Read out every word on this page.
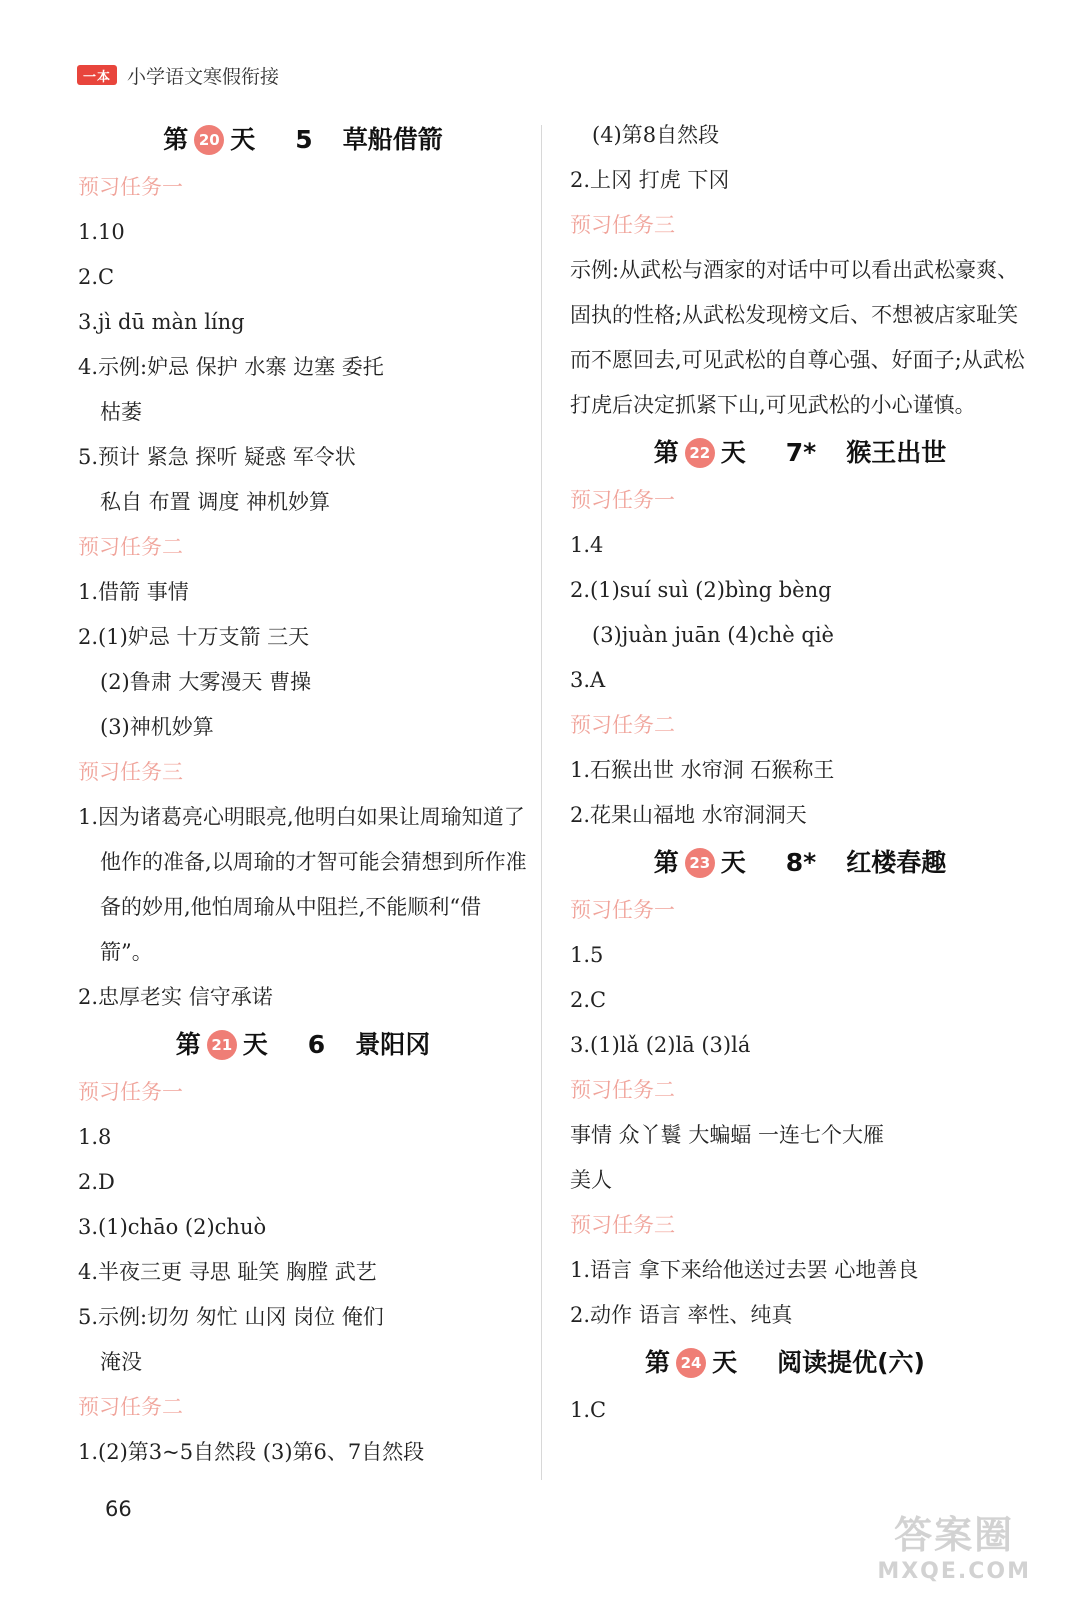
一本 小学语文寒假衔接
第 20 天 5 草船借箭
预习任务一
1.10
2.C
3.jì dū màn líng
4.示例:妒忌 保护 水寨 边塞 委托
枯萎
5.预计 紧急 探听 疑惑 军令状
私自 布置 调度 神机妙算
预习任务二
1.借箭 事情
2.(1)妒忌 十万支箭 三天
(2)鲁肃 大雾漫天 曹操
(3)神机妙算
预习任务三
1.因为诸葛亮心明眼亮,他明白如果让周瑜知道了他作的准备,以周瑜的才智可能会猜想到所作准备的妙用,他怕周瑜从中阻拦,不能顺利“借箭”。
2.忠厚老实 信守承诺
第 21 天 6 景阳冈
预习任务一
1.8
2.D
3.(1)chāo (2)chuò
4.半夜三更 寻思 耻笑 胸膛 武艺
5.示例:切勿 匆忙 山冈 岗位 俺们
淹没
预习任务二
1.(2)第3~5自然段 (3)第6、7自然段
(4)第8自然段
2.上冈 打虎 下冈
预习任务三
示例:从武松与酒家的对话中可以看出武松豪爽、固执的性格;从武松发现榜文后、不想被店家耻笑而不愿回去,可见武松的自尊心强、好面子;从武松打虎后决定抓紧下山,可见武松的小心谨慎。
第 22 天 7* 猴王出世
预习任务一
1.4
2.(1)suí suì (2)bìng bèng
(3)juàn juān (4)chè qiè
3.A
预习任务二
1.石猴出世 水帘洞 石猴称王
2.花果山福地 水帘洞洞天
第 23 天 8* 红楼春趣
预习任务一
1.5
2.C
3.(1)lǎ (2)lā (3)lá
预习任务二
事情 众丫鬟 大蝙蝠 一连七个大雁
美人
预习任务三
1.语言 拿下来给他送过去罢 心地善良
2.动作 语言 率性、纯真
第 24 天 阅读提优(六)
1.C
66
答案圈
MXQE.COM
